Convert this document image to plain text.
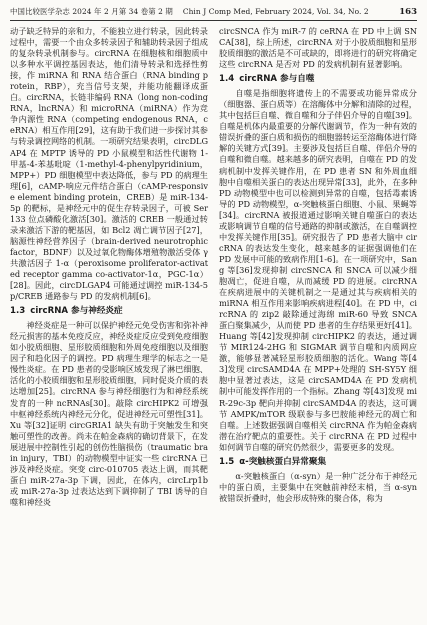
中国比较医学杂志 2024 年 2 月第 34 卷第 2 期　 Chin J Comp Med, February 2024, Vol. 34, No. 2	163

动子缺乏特异的亲和力，不能独立进行转录，因此转录过程中，需要一个由众多转录因子和辅助转录因子组成的复杂转录机制参与。circRNA 在细胞核和细胞质中以多种水平调控基因表达，他们清导转录和选择性剪接，作 miRNA 和 RNA 结合蛋白（RNA binding protein，RBP），充当信号支架，并能功能翻译成蛋白。circRNA，长链非编码 RNA（long non-coding RNA，lncRNA）和 microRNA（miRNA）作为竞争内源性 RNA（competing endogenous RNA，ceRNA）相互作用[29]，这有助于我们进一步探讨其参与转录调控网络的机制。一项研究结果表明，circDLGAP4 在 MPTP 诱导的 PD 小鼠模型和活性代谢物 1-甲基-4-苯基吡啶（1-methyl-4-phenylpyridinium，MPP+）PD 细胞模型中表达降低，参与 PD 的病理生理[6]，cAMP-响应元件结合蛋白（cAMP-responsive element binding protein，CREB）是 miR-134-5p 的靶标，是神经元中的促生存转录因子，可被 Ser133 位点磷酸化激活[30]。激活的 CREB 一般通过转录来激活下游的靶基因，如 Bcl2 凋亡调节因子[27]，脑源性神经营养因子（brain-derived neurotrophic factor，BDNF）以及过氧化物酶体增殖物激活受体 γ 共激活因子 1-α（peroxisome proliferator-activated receptor gamma co-activator-1α，PGC-1α）[28]。因此，circDLGAP4 可能通过调控 miR-134-5p/CREB 通路参与 PD 的发病机制[6]。

1.3 circRNA 参与神经炎症

神经炎症是一种可以保护神经元免受伤害和弥补神经元损害的基本免疫反应，神经炎症反应受到免疫细胞如小胶质细胞、星形胶质细胞和外周免疫细胞以及细胞因子和趋化因子的调控。PD 病理生理学的标志之一是慢性炎症。在 PD 患者的受影响区域发现了淋巴细胞、活化的小胶质细胞和星形胶质细胞，同时促炎介质的表达增加[25]。circRNA 参与神经细胞行为和神经系统发育的一种 ncRNAs[30]。敲除 circHIPK2 可增强中枢神经系统内神经元分化，促进神经元可塑性[31]。Xu 等[32]证明 circGRIA1 缺失有助于突触发生和突触可塑性的改善。尚未在帕金森病的确切背景下，在发展进展中控制性引起的创伤性脑损伤（traumatic brain injury，TBI）的动物模型中证实一些 circRNA 已涉及神经炎症。突变 circ-010705 表达上调，而其靶蛋白 miR-27a-3p 下调，因此，在体内，circLrp1b 或 miR-27a-3p 过表达达到下调抑制了 TBI 诱导的自噬和神经炎

circSNCA 作为 miR-7 的 ceRNA 在 PD 中上调 SNCA[38]，综上所述，circRNA 对于小胶质细胞和星形胶质细胞的激活是不可或缺的，即将进行的研究将确定这些 circRNA 是否对 PD 的发病机制有显著影响。

1.4 circRNA 参与自噬

自噬是指细胞将遗传上的不需要或功能异常成分（细胞器、蛋白质等）在溶酶体中分解和清除的过程，其中包括巨自噬、微自噬和分子伴侣介导的自噬[39]。自噬是机体内最重要的分解代谢调节，作为一种有效的错误折叠的蛋白质和损伤的细胞器转运至溶酶体进行降解的关键方式[39]。主要涉及包括巨自噬、伴侣介导的自噬和微自噬。越来越多的研究表明，自噬在 PD 的发病机制中发挥关键作用，在 PD 患者 SN 和外周血细胞中自噬相关蛋白的表达出现异常[33]，此外，在多种 PD 动物模型中也可以检测到异常的自噬，包括毒素诱导的 PD 动物模型，α-突触核蛋白细胞、小鼠、果蝇等[34]。circRNA 被报道通过影响关键自噬蛋白的表达或影响调节自噬的信号通路的抑制或激活，在自噬调控中发挥关键作用[35]。研究报告了 PD 患者大脑中 circRNA 的表达发生变化，越来越多的证据强调他们在 PD 发展中可能的致病作用[1-6]。在一项研究中，Sang 等[36]发现抑制 circSNCA 和 SNCA 可以减少细胞凋亡，促进自噬，从而减缓 PD 的进展。circRNA 在疾病进展中的关键机制之一是通过其与疾病相关的 miRNA 相互作用来影响疾病进程[40]。在 PD 中，circRNA 的 zip2 敲除通过海绵 miR-60 导致 SNCA 蛋白聚集减少，从而使 PD 患者的生存结果更好[41]。Huang 等[42]发现抑制 circHIPK2 的表达，通过调节 MIR124-2HG 和 SIGMAR 调节自噬和内质网应激，能够显著减轻星形胶质细胞的活化。Wang 等[43]发现 circSAMD4A 在 MPP+处理的 SH-SY5Y 细胞中显著过表达，这是 circSAMD4A 在 PD 发病机制中可能发挥作用的一个指标。Zhang 等[43]发现 miR-29c-3p 靶向并抑制 circSAMD4A 的表达，这可调节 AMPK/mTOR 级联参与多巴胺能神经元的凋亡和自噬。上述数据强调自噬相关 circRNA 作为帕金森病潜在治疗靶点的重要性。关于 circRNA 在 PD 过程中如何调节自噬的研究仍然很少，需要更多的发现。

1.5 α-突触核蛋白异常聚集

α-突触核蛋白（α-syn）是一种广泛分布于神经元中的蛋白质，主要集中在突触前神经末梢，当 α-syn 被错误折叠时，他会形成特殊的聚合体，称为
